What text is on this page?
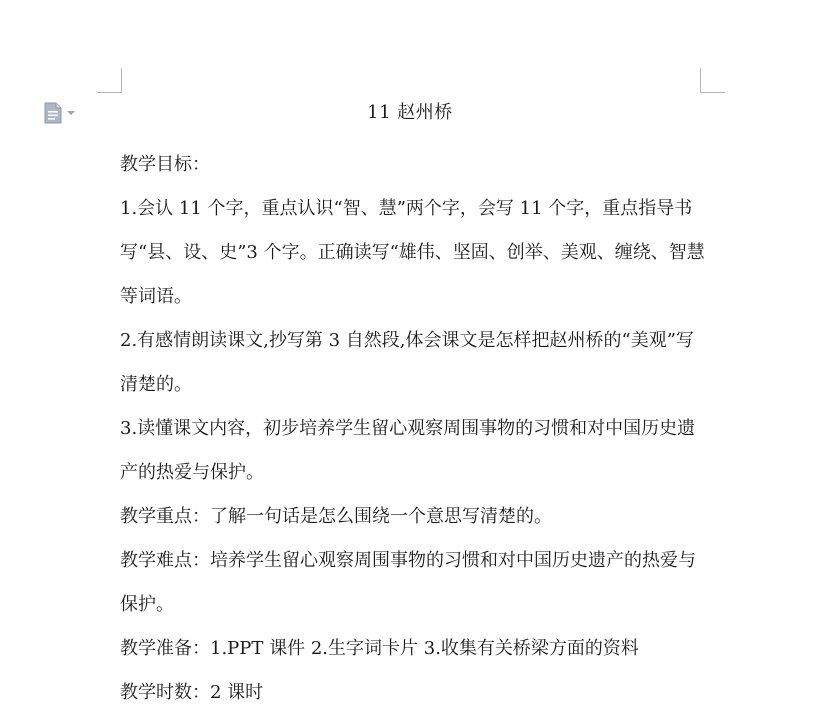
11 赵州桥

教学目标：

1.会认 11 个字，重点认识“智、慧”两个字，会写 11 个字，重点指导书写“县、设、史”3 个字。正确读写“雄伟、坚固、创举、美观、缠绕、智慧等词语。

2.有感情朗读课文,抄写第 3 自然段,体会课文是怎样把赵州桥的“美观”写清楚的。

3.读懂课文内容，初步培养学生留心观察周围事物的习惯和对中国历史遗产的热爱与保护。

教学重点：了解一句话是怎么围绕一个意思写清楚的。

教学难点：培养学生留心观察周围事物的习惯和对中国历史遗产的热爱与保护。

教学准备：1.PPT 课件 2.生字词卡片 3.收集有关桥梁方面的资料

教学时数：2 课时
